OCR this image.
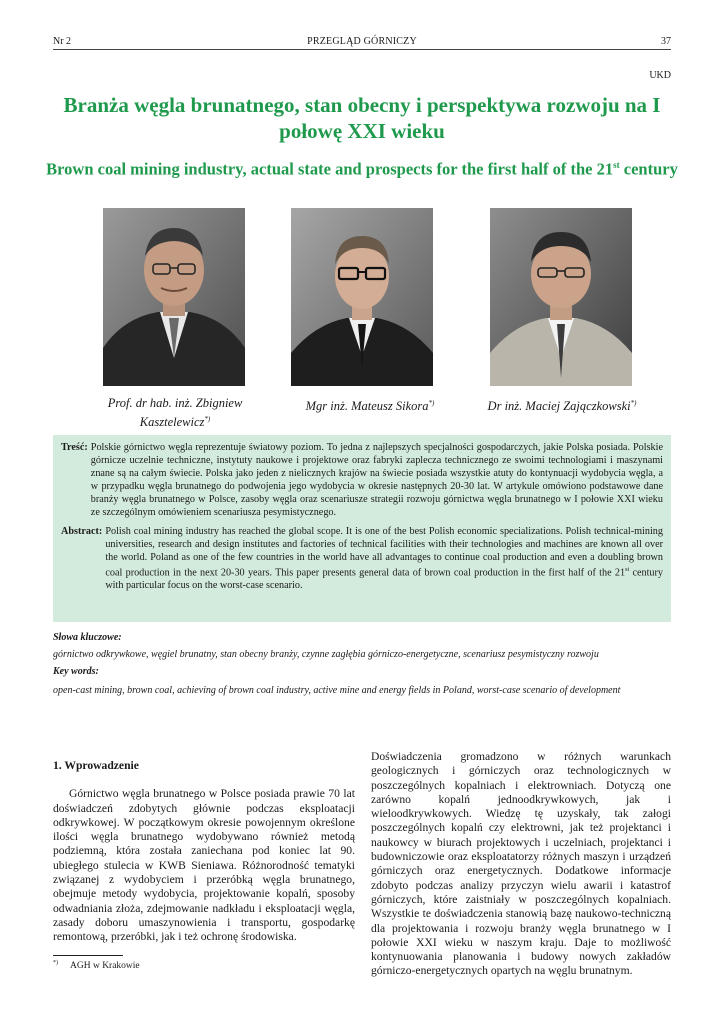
Nr 2	PRZEGLĄD GÓRNICZY	37
UKD
Branża węgla brunatnego, stan obecny i perspektywa rozwoju na I połowę XXI wieku
Brown coal mining industry, actual state and prospects for the first half of the 21st century
Prof. dr hab. inż. Zbigniew Kasztelewicz*)
Mgr inż. Mateusz Sikora*)	Dr inż. Maciej Zajączkowski*)
Treść: Polskie górnictwo węgla reprezentuje światowy poziom. To jedna z najlepszych specjalności gospodarczych, jakie Polska posiada. Polskie górnicze uczelnie techniczne, instytuty naukowe i projektowe oraz fabryki zaplecza technicznego ze swoimi technologiami i maszynami znane są na całym świecie. Polska jako jeden z nielicznych krajów na świecie posiada wszystkie atuty do kontynuacji wydobycia węgla, a w przypadku węgla brunatnego do podwojenia jego wydobycia w okresie następnych 20-30 lat. W artykule omówiono podstawowe dane branży węgla brunatnego w Polsce, zasoby węgla oraz scenariusze strategii rozwoju górnictwa węgla brunatnego w I połowie XXI wieku ze szczególnym omówieniem scenariusza pesymistycznego.
Abstract: Polish coal mining industry has reached the global scope. It is one of the best Polish economic specializations. Polish technical-mining universities, research and design institutes and factories of technical facilities with their technologies and machines are known all over the world. Poland as one of the few countries in the world have all advantages to continue coal production and even a doubling brown coal production in the next 20-30 years. This paper presents general data of brown coal production in the first half of the 21st century with particular focus on the worst-case scenario.
Słowa kluczowe:
górnictwo odkrywkowe, węgiel brunatny, stan obecny branży, czynne zagłębia górniczo-energetyczne, scenariusz pesymistyczny rozwoju
Key words:
open-cast mining, brown coal, achieving of brown coal industry, active mine and energy fields in Poland, worst-case scenario of development
1. Wprowadzenie

Górnictwo węgla brunatnego w Polsce posiada prawie 70 lat doświadczeń zdobytych głównie podczas eksploatacji odkrywkowej. W początkowym okresie powojennym określone ilości węgla brunatnego wydobywano również metodą podziemną, która została zaniechana pod koniec lat 90. ubiegłego stulecia w KWB Sieniawa. Różnorodność tematyki związanej z wydobyciem i przeróbką węgla brunatnego, obejmuje metody wydobycia, projektowanie kopalń, sposoby odwadniania złoża, zdejmowanie nadkładu i eksploatacji węgla, zasady doboru umaszynowienia i transportu, gospodarkę remontową, przeróbki, jak i też ochronę środowiska.

Doświadczenia gromadzono w różnych warunkach geologicznych i górniczych oraz technologicznych w poszczególnych kopalniach i elektrowniach. Dotyczą one zarówno kopalń jednoodkrywkowych, jak i wieloodkrywkowych. Wiedzę tę uzyskały, tak załogi poszczególnych kopalń czy elektrowni, jak też projektanci i naukowcy w biurach projektowych i uczelniach, projektanci i budowniczowie oraz eksploatatorzy różnych maszyn i urządzeń górniczych oraz energetycznych. Dodatkowe informacje zdobyto podczas analizy przyczyn wielu awarii i katastrof górniczych, które zaistniały w poszczególnych kopalniach. Wszystkie te doświadczenia stanowią bazę naukowo-techniczną dla projektowania i rozwoju branży węgla brunatnego w I połowie XXI wieku w naszym kraju. Daje to możliwość kontynuowania planowania i budowy nowych zakładów górniczo-energetycznych opartych na węglu brunatnym.

*) AGH w Krakowie
